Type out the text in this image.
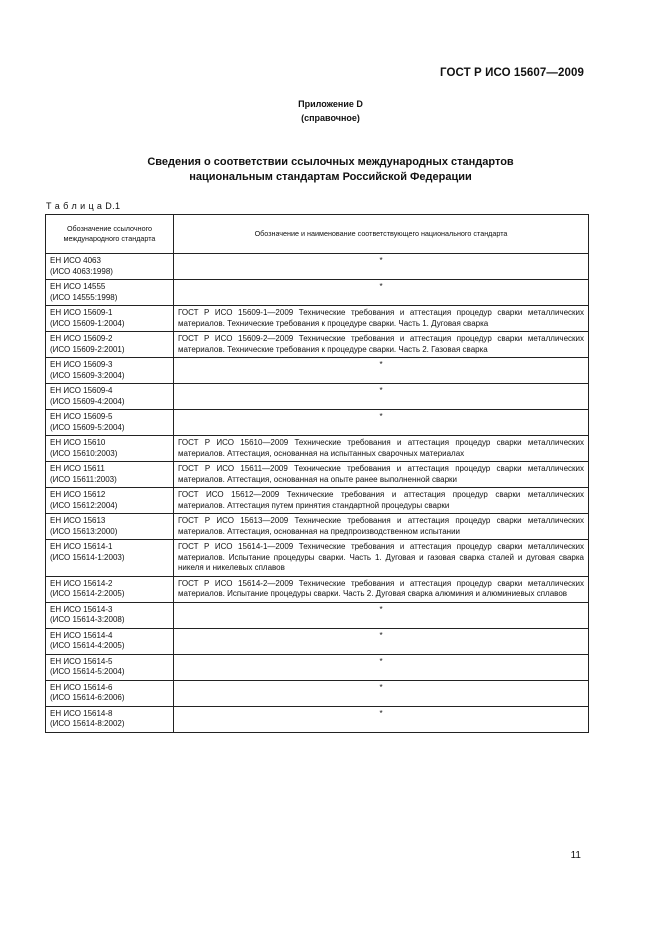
ГОСТ Р ИСО 15607—2009
Приложение D
(справочное)
Сведения о соответствии ссылочных международных стандартов
национальным стандартам Российской Федерации
Т а б л и ц а D.1
Обозначение ссылочного международного стандарта	Обозначение и наименование соответствующего национального стандарта
ЕН ИСО 4063
(ИСО 4063:1998)	*
ЕН ИСО 14555
(ИСО 14555:1998)	*
ЕН ИСО 15609-1
(ИСО 15609-1:2004)	ГОСТ Р ИСО 15609-1—2009 Технические требования и аттестация процедур сварки металлических материалов. Технические требования к процедуре сварки. Часть 1. Дуговая сварка
ЕН ИСО 15609-2
(ИСО 15609-2:2001)	ГОСТ Р ИСО 15609-2—2009 Технические требования и аттестация процедур сварки металлических материалов. Технические требования к процедуре сварки. Часть 2. Газовая сварка
ЕН ИСО 15609-3
(ИСО 15609-3:2004)	*
ЕН ИСО 15609-4
(ИСО 15609-4:2004)	*
ЕН ИСО 15609-5
(ИСО 15609-5:2004)	*
ЕН ИСО 15610
(ИСО 15610:2003)	ГОСТ Р ИСО 15610—2009 Технические требования и аттестация процедур сварки металлических материалов. Аттестация, основанная на испытанных сварочных материалах
ЕН ИСО 15611
(ИСО 15611:2003)	ГОСТ Р ИСО 15611—2009 Технические требования и аттестация процедур сварки металлических материалов. Аттестация, основанная на опыте ранее выполненной сварки
ЕН ИСО 15612
(ИСО 15612:2004)	ГОСТ ИСО 15612—2009 Технические требования и аттестация процедур сварки металлических материалов. Аттестация путем принятия стандартной процедуры сварки
ЕН ИСО 15613
(ИСО 15613:2000)	ГОСТ Р ИСО 15613—2009 Технические требования и аттестация процедур сварки металлических материалов. Аттестация, основанная на предпроизводственном испытании
ЕН ИСО 15614-1
(ИСО 15614-1:2003)	ГОСТ Р ИСО 15614-1—2009 Технические требования и аттестация процедур сварки металлических материалов. Испытание процедуры сварки. Часть 1. Дуговая и газовая сварка сталей и дуговая сварка никеля и никелевых сплавов
ЕН ИСО 15614-2
(ИСО 15614-2:2005)	ГОСТ Р ИСО 15614-2—2009 Технические требования и аттестация процедур сварки металлических материалов. Испытание процедуры сварки. Часть 2. Дуговая сварка алюминия и алюминиевых сплавов
ЕН ИСО 15614-3
(ИСО 15614-3:2008)	*
ЕН ИСО 15614-4
(ИСО 15614-4:2005)	*
ЕН ИСО 15614-5
(ИСО 15614-5:2004)	*
ЕН ИСО 15614-6
(ИСО 15614-6:2006)	*
ЕН ИСО 15614-8
(ИСО 15614-8:2002)	*
11
